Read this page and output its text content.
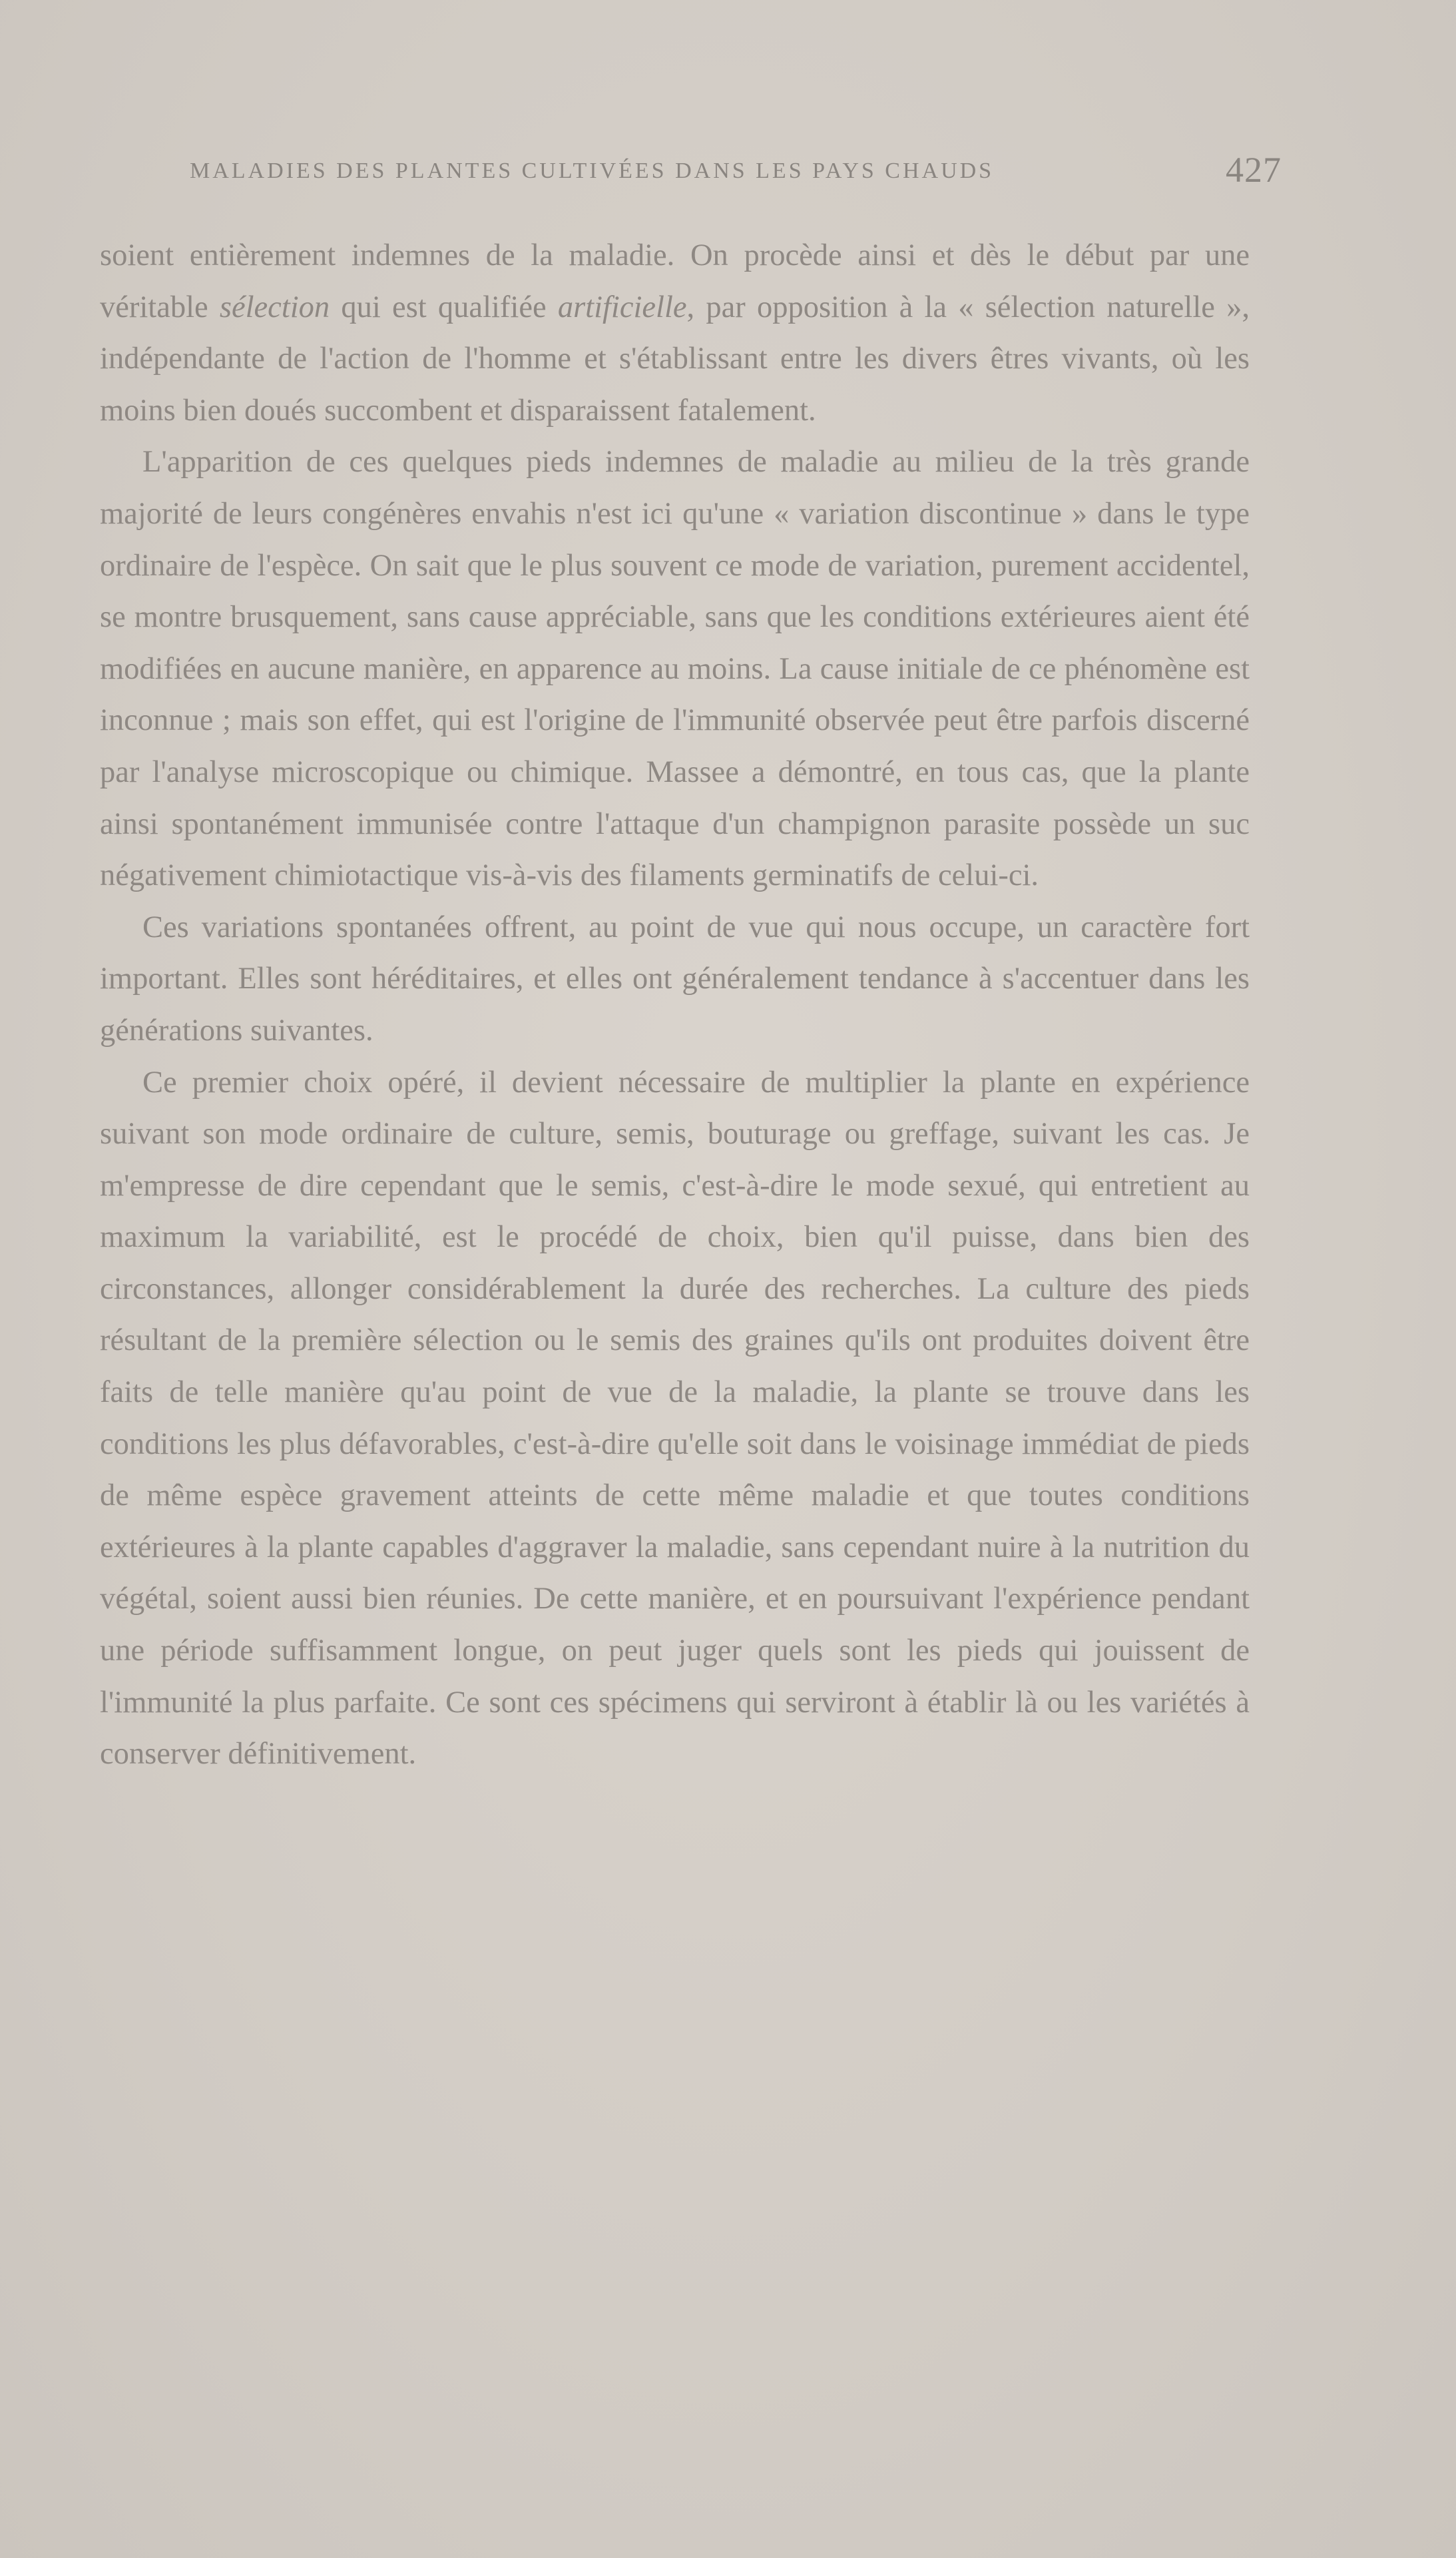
MALADIES DES PLANTES CULTIVÉES DANS LES PAYS CHAUDS	427

soient entièrement indemnes de la maladie. On procède ainsi et dès le début par une véritable sélection qui est qualifiée artificielle, par opposition à la « sélection naturelle », indépendante de l'action de l'homme et s'établissant entre les divers êtres vivants, où les moins bien doués succombent et disparaissent fatalement.

L'apparition de ces quelques pieds indemnes de maladie au milieu de la très grande majorité de leurs congénères envahis n'est ici qu'une « variation discontinue » dans le type ordinaire de l'espèce. On sait que le plus souvent ce mode de variation, purement accidentel, se montre brusquement, sans cause appréciable, sans que les conditions extérieures aient été modifiées en aucune manière, en apparence au moins. La cause initiale de ce phénomène est inconnue ; mais son effet, qui est l'origine de l'immunité observée peut être parfois discerné par l'analyse microscopique ou chimique. Massee a démontré, en tous cas, que la plante ainsi spontanément immunisée contre l'attaque d'un champignon parasite possède un suc négativement chimiotactique vis-à-vis des filaments germinatifs de celui-ci.

Ces variations spontanées offrent, au point de vue qui nous occupe, un caractère fort important. Elles sont héréditaires, et elles ont généralement tendance à s'accentuer dans les générations suivantes.

Ce premier choix opéré, il devient nécessaire de multiplier la plante en expérience suivant son mode ordinaire de culture, semis, bouturage ou greffage, suivant les cas. Je m'empresse de dire cependant que le semis, c'est-à-dire le mode sexué, qui entretient au maximum la variabilité, est le procédé de choix, bien qu'il puisse, dans bien des circonstances, allonger considérablement la durée des recherches. La culture des pieds résultant de la première sélection ou le semis des graines qu'ils ont produites doivent être faits de telle manière qu'au point de vue de la maladie, la plante se trouve dans les conditions les plus défavorables, c'est-à-dire qu'elle soit dans le voisinage immédiat de pieds de même espèce gravement atteints de cette même maladie et que toutes conditions extérieures à la plante capables d'aggraver la maladie, sans cependant nuire à la nutrition du végétal, soient aussi bien réunies. De cette manière, et en poursuivant l'expérience pendant une période suffisamment longue, on peut juger quels sont les pieds qui jouissent de l'immunité la plus parfaite. Ce sont ces spécimens qui serviront à établir là ou les variétés à conserver définitivement.
